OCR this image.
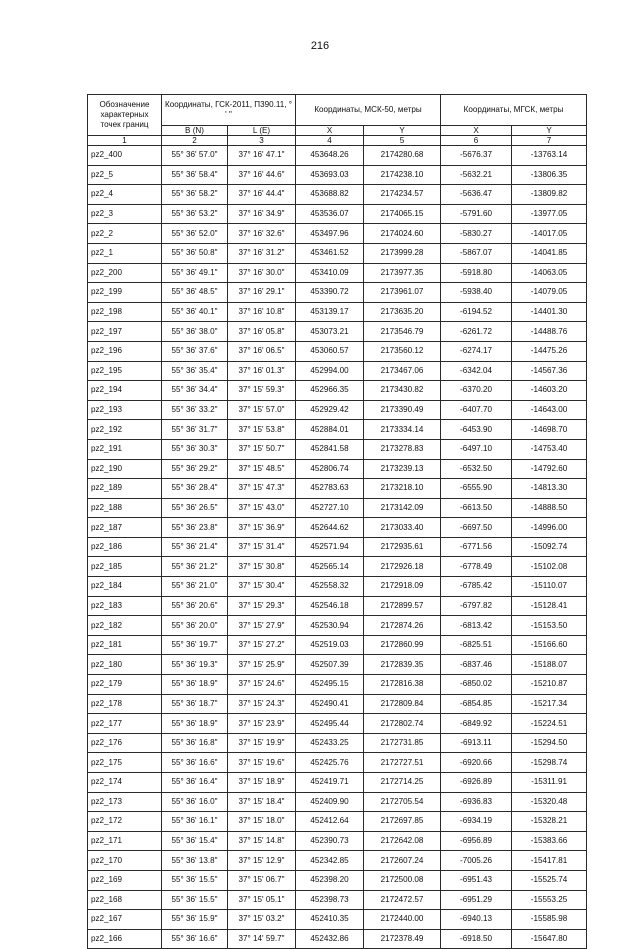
216
Обозначение характерных точек границ	Координаты, ГСК-2011, П390.11, ° ' "		Координаты, МСК-50, метры		Координаты, МГСК, метры	
	B (N)	L (E)	X	Y	X	Y
1	2	3	4	5	6	7
pz2_400	55° 36' 57.0"	37° 16' 47.1"	453648.26	2174280.68	-5676.37	-13763.14
pz2_5	55° 36' 58.4"	37° 16' 44.6"	453693.03	2174238.10	-5632.21	-13806.35
pz2_4	55° 36' 58.2"	37° 16' 44.4"	453688.82	2174234.57	-5636.47	-13809.82
pz2_3	55° 36' 53.2"	37° 16' 34.9"	453536.07	2174065.15	-5791.60	-13977.05
pz2_2	55° 36' 52.0"	37° 16' 32.6"	453497.96	2174024.60	-5830.27	-14017.05
pz2_1	55° 36' 50.8"	37° 16' 31.2"	453461.52	2173999.28	-5867.07	-14041.85
pz2_200	55° 36' 49.1"	37° 16' 30.0"	453410.09	2173977.35	-5918.80	-14063.05
pz2_199	55° 36' 48.5"	37° 16' 29.1"	453390.72	2173961.07	-5938.40	-14079.05
pz2_198	55° 36' 40.1"	37° 16' 10.8"	453139.17	2173635.20	-6194.52	-14401.30
pz2_197	55° 36' 38.0"	37° 16' 05.8"	453073.21	2173546.79	-6261.72	-14488.76
pz2_196	55° 36' 37.6"	37° 16' 06.5"	453060.57	2173560.12	-6274.17	-14475.26
pz2_195	55° 36' 35.4"	37° 16' 01.3"	452994.00	2173467.06	-6342.04	-14567.36
pz2_194	55° 36' 34.4"	37° 15' 59.3"	452966.35	2173430.82	-6370.20	-14603.20
pz2_193	55° 36' 33.2"	37° 15' 57.0"	452929.42	2173390.49	-6407.70	-14643.00
pz2_192	55° 36' 31.7"	37° 15' 53.8"	452884.01	2173334.14	-6453.90	-14698.70
pz2_191	55° 36' 30.3"	37° 15' 50.7"	452841.58	2173278.83	-6497.10	-14753.40
pz2_190	55° 36' 29.2"	37° 15' 48.5"	452806.74	2173239.13	-6532.50	-14792.60
pz2_189	55° 36' 28.4"	37° 15' 47.3"	452783.63	2173218.10	-6555.90	-14813.30
pz2_188	55° 36' 26.5"	37° 15' 43.0"	452727.10	2173142.09	-6613.50	-14888.50
pz2_187	55° 36' 23.8"	37° 15' 36.9"	452644.62	2173033.40	-6697.50	-14996.00
pz2_186	55° 36' 21.4"	37° 15' 31.4"	452571.94	2172935.61	-6771.56	-15092.74
pz2_185	55° 36' 21.2"	37° 15' 30.8"	452565.14	2172926.18	-6778.49	-15102.08
pz2_184	55° 36' 21.0"	37° 15' 30.4"	452558.32	2172918.09	-6785.42	-15110.07
pz2_183	55° 36' 20.6"	37° 15' 29.3"	452546.18	2172899.57	-6797.82	-15128.41
pz2_182	55° 36' 20.0"	37° 15' 27.9"	452530.94	2172874.26	-6813.42	-15153.50
pz2_181	55° 36' 19.7"	37° 15' 27.2"	452519.03	2172860.99	-6825.51	-15166.60
pz2_180	55° 36' 19.3"	37° 15' 25.9"	452507.39	2172839.35	-6837.46	-15188.07
pz2_179	55° 36' 18.9"	37° 15' 24.6"	452495.15	2172816.38	-6850.02	-15210.87
pz2_178	55° 36' 18.7"	37° 15' 24.3"	452490.41	2172809.84	-6854.85	-15217.34
pz2_177	55° 36' 18.9"	37° 15' 23.9"	452495.44	2172802.74	-6849.92	-15224.51
pz2_176	55° 36' 16.8"	37° 15' 19.9"	452433.25	2172731.85	-6913.11	-15294.50
pz2_175	55° 36' 16.6"	37° 15' 19.6"	452425.76	2172727.51	-6920.66	-15298.74
pz2_174	55° 36' 16.4"	37° 15' 18.9"	452419.71	2172714.25	-6926.89	-15311.91
pz2_173	55° 36' 16.0"	37° 15' 18.4"	452409.90	2172705.54	-6936.83	-15320.48
pz2_172	55° 36' 16.1"	37° 15' 18.0"	452412.64	2172697.85	-6934.19	-15328.21
pz2_171	55° 36' 15.4"	37° 15' 14.8"	452390.73	2172642.08	-6956.89	-15383.66
pz2_170	55° 36' 13.8"	37° 15' 12.9"	452342.85	2172607.24	-7005.26	-15417.81
pz2_169	55° 36' 15.5"	37° 15' 06.7"	452398.20	2172500.08	-6951.43	-15525.74
pz2_168	55° 36' 15.5"	37° 15' 05.1"	452398.73	2172472.57	-6951.29	-15553.25
pz2_167	55° 36' 15.9"	37° 15' 03.2"	452410.35	2172440.00	-6940.13	-15585.98
pz2_166	55° 36' 16.6"	37° 14' 59.7"	452432.86	2172378.49	-6918.50	-15647.80
